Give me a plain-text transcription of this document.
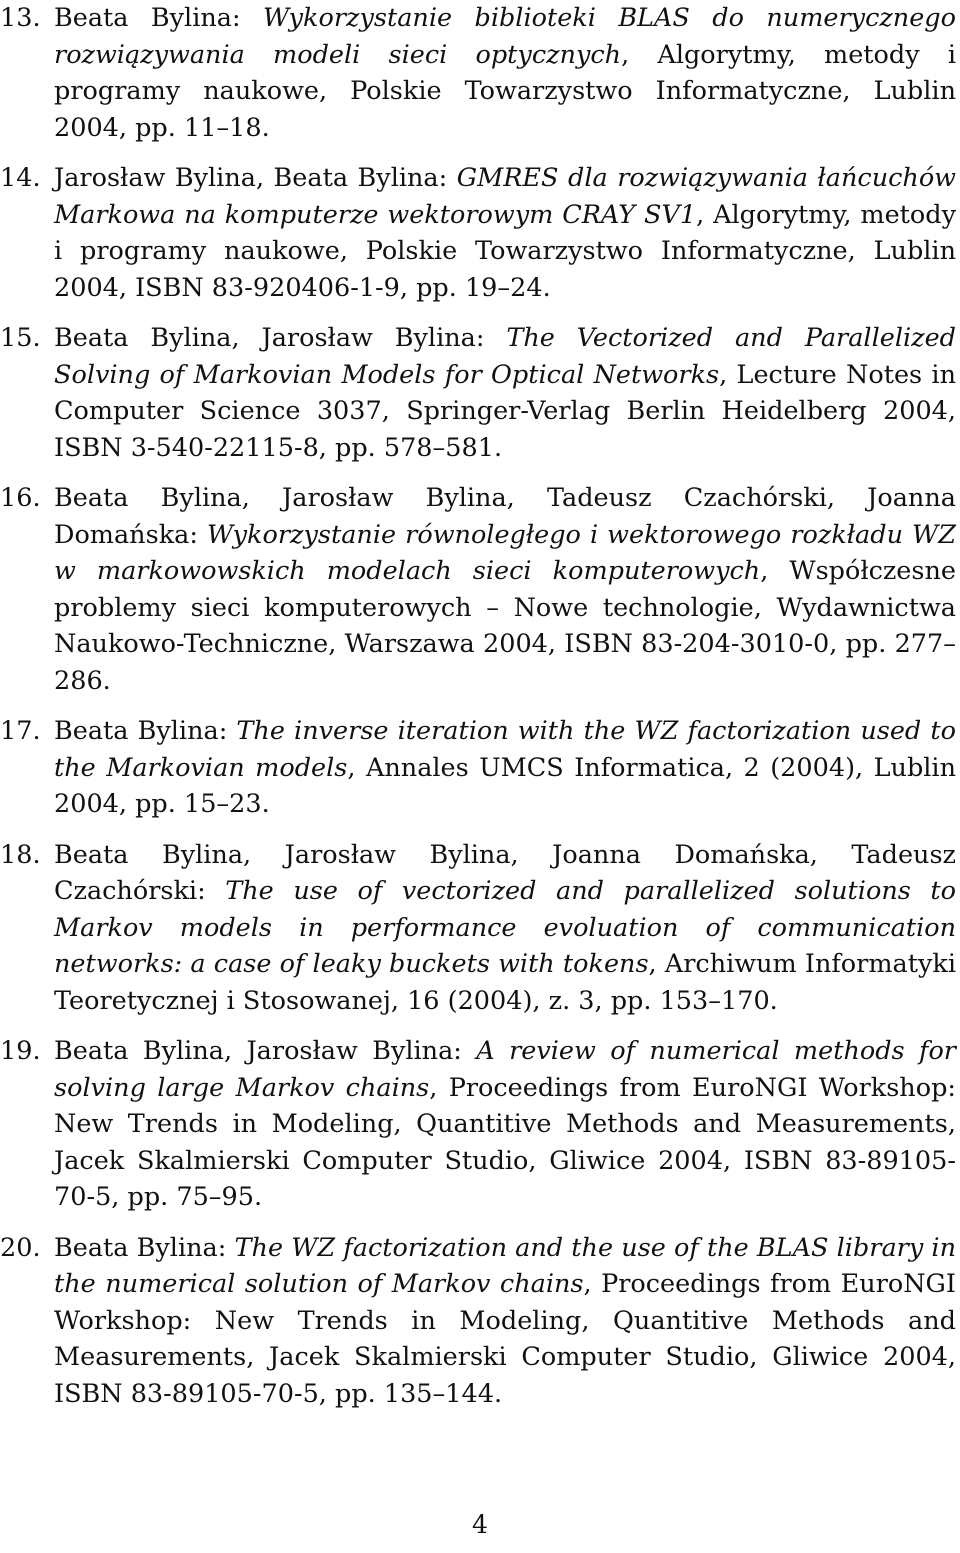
13. Beata Bylina: Wykorzystanie biblioteki BLAS do numerycznego rozwiązywania modeli sieci optycznych, Algorytmy, metody i programy naukowe, Polskie Towarzystwo Informatyczne, Lublin 2004, pp. 11–18.
14. Jarosław Bylina, Beata Bylina: GMRES dla rozwiązywania łańcuchów Markowa na komputerze wektorowym CRAY SV1, Algorytmy, metody i programy naukowe, Polskie Towarzystwo Informatyczne, Lublin 2004, ISBN 83-920406-1-9, pp. 19–24.
15. Beata Bylina, Jarosław Bylina: The Vectorized and Parallelized Solving of Markovian Models for Optical Networks, Lecture Notes in Computer Science 3037, Springer-Verlag Berlin Heidelberg 2004, ISBN 3-540-22115-8, pp. 578–581.
16. Beata Bylina, Jarosław Bylina, Tadeusz Czachórski, Joanna Domańska: Wykorzystanie równoległego i wektorowego rozkładu WZ w markowowskich modelach sieci komputerowych, Współczesne problemy sieci komputerowych – Nowe technologie, Wydawnictwa Naukowo-Techniczne, Warszawa 2004, ISBN 83-204-3010-0, pp. 277–286.
17. Beata Bylina: The inverse iteration with the WZ factorization used to the Markovian models, Annales UMCS Informatica, 2 (2004), Lublin 2004, pp. 15–23.
18. Beata Bylina, Jarosław Bylina, Joanna Domańska, Tadeusz Czachórski: The use of vectorized and parallelized solutions to Markov models in performance evoluation of communication networks: a case of leaky buckets with tokens, Archiwum Informatyki Teoretycznej i Stosowanej, 16 (2004), z. 3, pp. 153–170.
19. Beata Bylina, Jarosław Bylina: A review of numerical methods for solving large Markov chains, Proceedings from EuroNGI Workshop: New Trends in Modeling, Quantitive Methods and Measurements, Jacek Skalmierski Computer Studio, Gliwice 2004, ISBN 83-89105-70-5, pp. 75–95.
20. Beata Bylina: The WZ factorization and the use of the BLAS library in the numerical solution of Markov chains, Proceedings from EuroNGI Workshop: New Trends in Modeling, Quantitive Methods and Measurements, Jacek Skalmierski Computer Studio, Gliwice 2004, ISBN 83-89105-70-5, pp. 135–144.
4
